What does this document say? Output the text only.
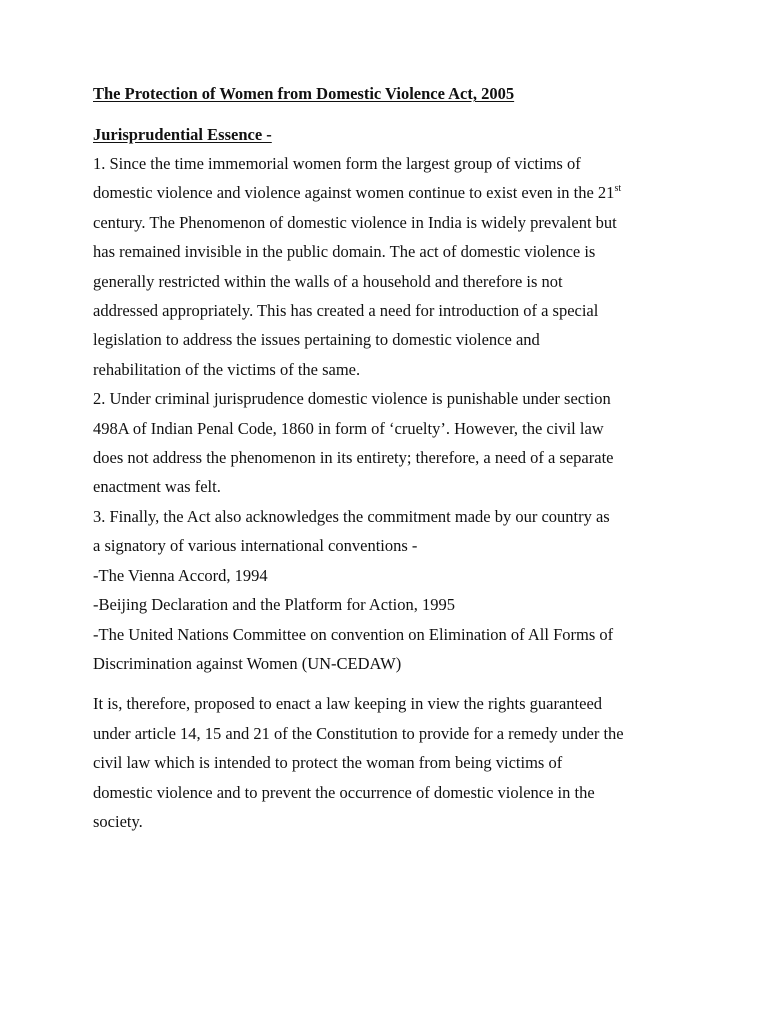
The Protection of Women from Domestic Violence Act, 2005
Jurisprudential Essence -
1. Since the time immemorial women form the largest group of victims of
domestic violence and violence against women continue to exist even in the 21st
century. The Phenomenon of domestic violence in India is widely prevalent but
has remained invisible in the public domain. The act of domestic violence is
generally restricted within the walls of a household and therefore is not
addressed appropriately. This has created a need for introduction of a special
legislation to address the issues pertaining to domestic violence and
rehabilitation of the victims of the same.
2. Under criminal jurisprudence domestic violence is punishable under section
498A of Indian Penal Code, 1860 in form of ‘cruelty’. However, the civil law
does not address the phenomenon in its entirety; therefore, a need of a separate
enactment was felt.
3. Finally, the Act also acknowledges the commitment made by our country as
a signatory of various international conventions -
-The Vienna Accord, 1994
-Beijing Declaration and the Platform for Action, 1995
-The United Nations Committee on convention on Elimination of All Forms of
Discrimination against Women (UN-CEDAW)
It is, therefore, proposed to enact a law keeping in view the rights guaranteed
under article 14, 15 and 21 of the Constitution to provide for a remedy under the
civil law which is intended to protect the woman from being victims of
domestic violence and to prevent the occurrence of domestic violence in the
society.
